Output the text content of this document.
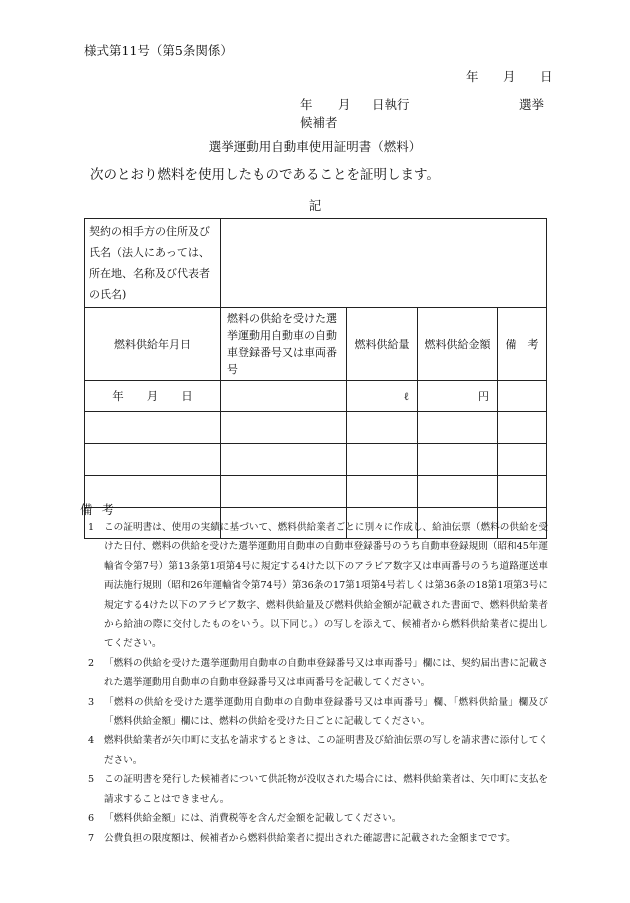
様式第11号（第5条関係）
年 月 日
年 月 日執行	選挙
候補者
選挙運動用自動車使用証明書（燃料）
次のとおり燃料を使用したものであることを証明します。
記
契約の相手方の住所及び氏名（法人にあっては、所在地、名称及び代表者の氏名)				
燃料供給年月日	燃料の供給を受けた選挙運動用自動車の自動車登録番号又は車両番号	燃料供給量	燃料供給金額	備　考
年　　月　　日		ℓ	円	

備考
1	この証明書は、使用の実績に基づいて、燃料供給業者ごとに別々に作成し、給油伝票（燃料の供給を受けた日付、燃料の供給を受けた選挙運動用自動車の自動車登録番号のうち自動車登録規則（昭和45年運輸省令第7号）第13条第1項第4号に規定する4けた以下のアラビア数字又は車両番号のうち道路運送車両法施行規則（昭和26年運輸省令第74号）第36条の17第1項第4号若しくは第36条の18第1項第3号に規定する4けた以下のアラビア数字、燃料供給量及び燃料供給金額が記載された書面で、燃料供給業者から給油の際に交付したものをいう。以下同じ。）の写しを添えて、候補者から燃料供給業者に提出してください。
2	「燃料の供給を受けた選挙運動用自動車の自動車登録番号又は車両番号」欄には、契約届出書に記載された選挙運動用自動車の自動車登録番号又は車両番号を記載してください。
3	「燃料の供給を受けた選挙運動用自動車の自動車登録番号又は車両番号」欄、「燃料供給量」欄及び「燃料供給金額」欄には、燃料の供給を受けた日ごとに記載してください。
4	燃料供給業者が矢巾町に支払を請求するときは、この証明書及び給油伝票の写しを請求書に添付してください。
5	この証明書を発行した候補者について供託物が没収された場合には、燃料供給業者は、矢巾町に支払を請求することはできません。
6	「燃料供給金額」には、消費税等を含んだ金額を記載してください。
7	公費負担の限度額は、候補者から燃料供給業者に提出された確認書に記載された金額までです。
